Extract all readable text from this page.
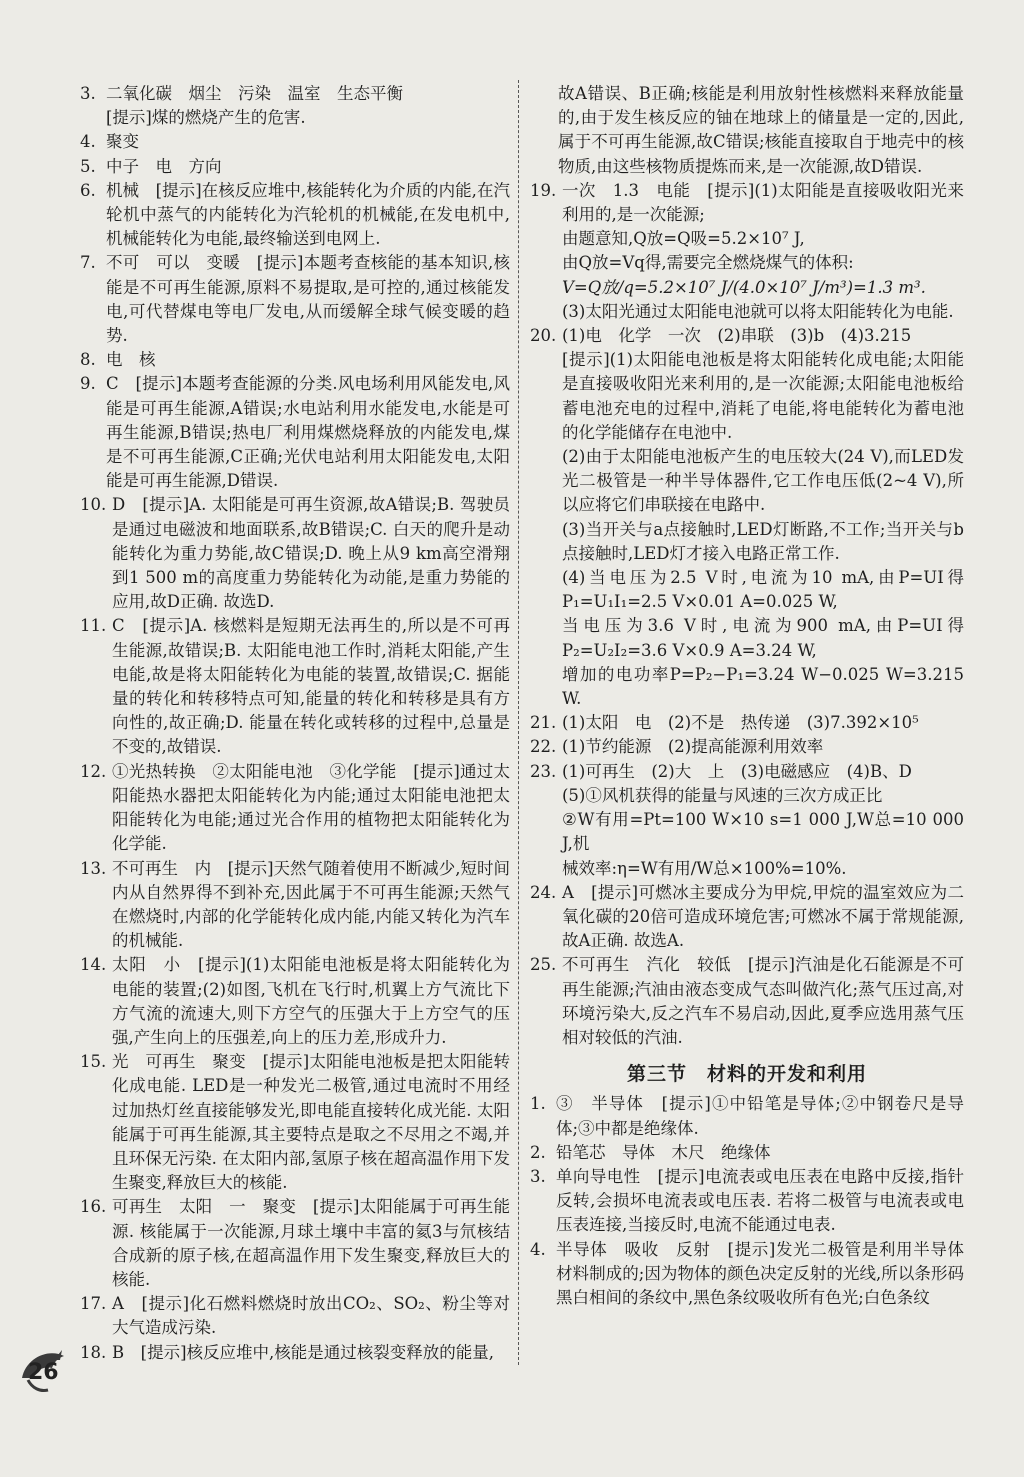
3. 二氧化碳　烟尘　污染　温室　生态平衡
[提示]煤的燃烧产生的危害.
4. 聚变
5. 中子　电　方向
6. 机械　[提示]在核反应堆中,核能转化为介质的内能,在汽轮机中蒸气的内能转化为汽轮机的机械能,在发电机中,机械能转化为电能,最终输送到电网上.
7. 不可　可以　变暖　[提示]本题考查核能的基本知识,核能是不可再生能源,原料不易提取,是可控的,通过核能发电,可代替煤电等电厂发电,从而缓解全球气候变暖的趋势.
8. 电　核
9. C　[提示]本题考查能源的分类.风电场利用风能发电,风能是可再生能源,A错误;水电站利用水能发电,水能是可再生能源,B错误;热电厂利用煤燃烧释放的内能发电,煤是不可再生能源,C正确;光伏电站利用太阳能发电,太阳能是可再生能源,D错误.
10. D　[提示]A. 太阳能是可再生资源,故A错误;B. 驾驶员是通过电磁波和地面联系,故B错误;C. 白天的爬升是动能转化为重力势能,故C错误;D. 晚上从9 km高空滑翔到1 500 m的高度重力势能转化为动能,是重力势能的应用,故D正确. 故选D.
11. C　[提示]A. 核燃料是短期无法再生的,所以是不可再生能源,故错误;B. 太阳能电池工作时,消耗太阳能,产生电能,故是将太阳能转化为电能的装置,故错误;C. 据能量的转化和转移特点可知,能量的转化和转移是具有方向性的,故正确;D. 能量在转化或转移的过程中,总量是不变的,故错误.
12. ①光热转换　②太阳能电池　③化学能　[提示]通过太阳能热水器把太阳能转化为内能;通过太阳能电池把太阳能转化为电能;通过光合作用的植物把太阳能转化为化学能.
13. 不可再生　内　[提示]天然气随着使用不断减少,短时间内从自然界得不到补充,因此属于不可再生能源;天然气在燃烧时,内部的化学能转化成内能,内能又转化为汽车的机械能.
14. 太阳　小　[提示](1)太阳能电池板是将太阳能转化为电能的装置;(2)如图,飞机在飞行时,机翼上方气流比下方气流的流速大,则下方空气的压强大于上方空气的压强,产生向上的压强差,向上的压力差,形成升力.
15. 光　可再生　聚变　[提示]太阳能电池板是把太阳能转化成电能. LED是一种发光二极管,通过电流时不用经过加热灯丝直接能够发光,即电能直接转化成光能. 太阳能属于可再生能源,其主要特点是取之不尽用之不竭,并且环保无污染. 在太阳内部,氢原子核在超高温作用下发生聚变,释放巨大的核能.
16. 可再生　太阳　一　聚变　[提示]太阳能属于可再生能源. 核能属于一次能源,月球土壤中丰富的氦3与氘核结合成新的原子核,在超高温作用下发生聚变,释放巨大的核能.
17. A　[提示]化石燃料燃烧时放出CO₂、SO₂、粉尘等对大气造成污染.
18. B　[提示]核反应堆中,核能是通过核裂变释放的能量,
故A错误、B正确;核能是利用放射性核燃料来释放能量的,由于发生核反应的铀在地球上的储量是一定的,因此,属于不可再生能源,故C错误;核能直接取自于地壳中的核物质,由这些核物质提炼而来,是一次能源,故D错误.
19. 一次　1.3　电能　[提示](1)太阳能是直接吸收阳光来利用的,是一次能源;
由题意知,Q放=Q吸=5.2×10⁷ J,
由Q放=Vq得,需要完全燃烧煤气的体积:
V=Q放/q=5.2×10⁷ J/(4.0×10⁷ J/m³)=1.3 m³.
(3)太阳光通过太阳能电池就可以将太阳能转化为电能.
20. (1)电　化学　一次　(2)串联　(3)b　(4)3.215
[提示](1)太阳能电池板是将太阳能转化成电能;太阳能是直接吸收阳光来利用的,是一次能源;太阳能电池板给蓄电池充电的过程中,消耗了电能,将电能转化为蓄电池的化学能储存在电池中.
(2)由于太阳能电池板产生的电压较大(24 V),而LED发光二极管是一种半导体器件,它工作电压低(2~4 V),所以应将它们串联接在电路中.
(3)当开关与a点接触时,LED灯断路,不工作;当开关与b点接触时,LED灯才接入电路正常工作.
(4)当电压为2.5 V时,电流为10 mA,由P=UI得P₁=U₁I₁=2.5 V×0.01 A=0.025 W,
当电压为3.6 V时,电流为900 mA,由P=UI得P₂=U₂I₂=3.6 V×0.9 A=3.24 W,
增加的电功率P=P₂−P₁=3.24 W−0.025 W=3.215 W.
21. (1)太阳　电　(2)不是　热传递　(3)7.392×10⁵
22. (1)节约能源　(2)提高能源利用效率
23. (1)可再生　(2)大　上　(3)电磁感应　(4)B、D
(5)①风机获得的能量与风速的三次方成正比
②W有用=Pt=100 W×10 s=1 000 J,W总=10 000 J,机
械效率:η=W有用/W总×100%=10%.
24. A　[提示]可燃冰主要成分为甲烷,甲烷的温室效应为二氧化碳的20倍可造成环境危害;可燃冰不属于常规能源,故A正确. 故选A.
25. 不可再生　汽化　较低　[提示]汽油是化石能源是不可再生能源;汽油由液态变成气态叫做汽化;蒸气压过高,对环境污染大,反之汽车不易启动,因此,夏季应选用蒸气压相对较低的汽油.
第三节　材料的开发和利用
1. ③　半导体　[提示]①中铅笔是导体;②中钢卷尺是导体;③中都是绝缘体.
2. 铅笔芯　导体　木尺　绝缘体
3. 单向导电性　[提示]电流表或电压表在电路中反接,指针反转,会损坏电流表或电压表. 若将二极管与电流表或电压表连接,当接反时,电流不能通过电表.
4. 半导体　吸收　反射　[提示]发光二极管是利用半导体材料制成的;因为物体的颜色决定反射的光线,所以条形码黑白相间的条纹中,黑色条纹吸收所有色光;白色条纹
26
